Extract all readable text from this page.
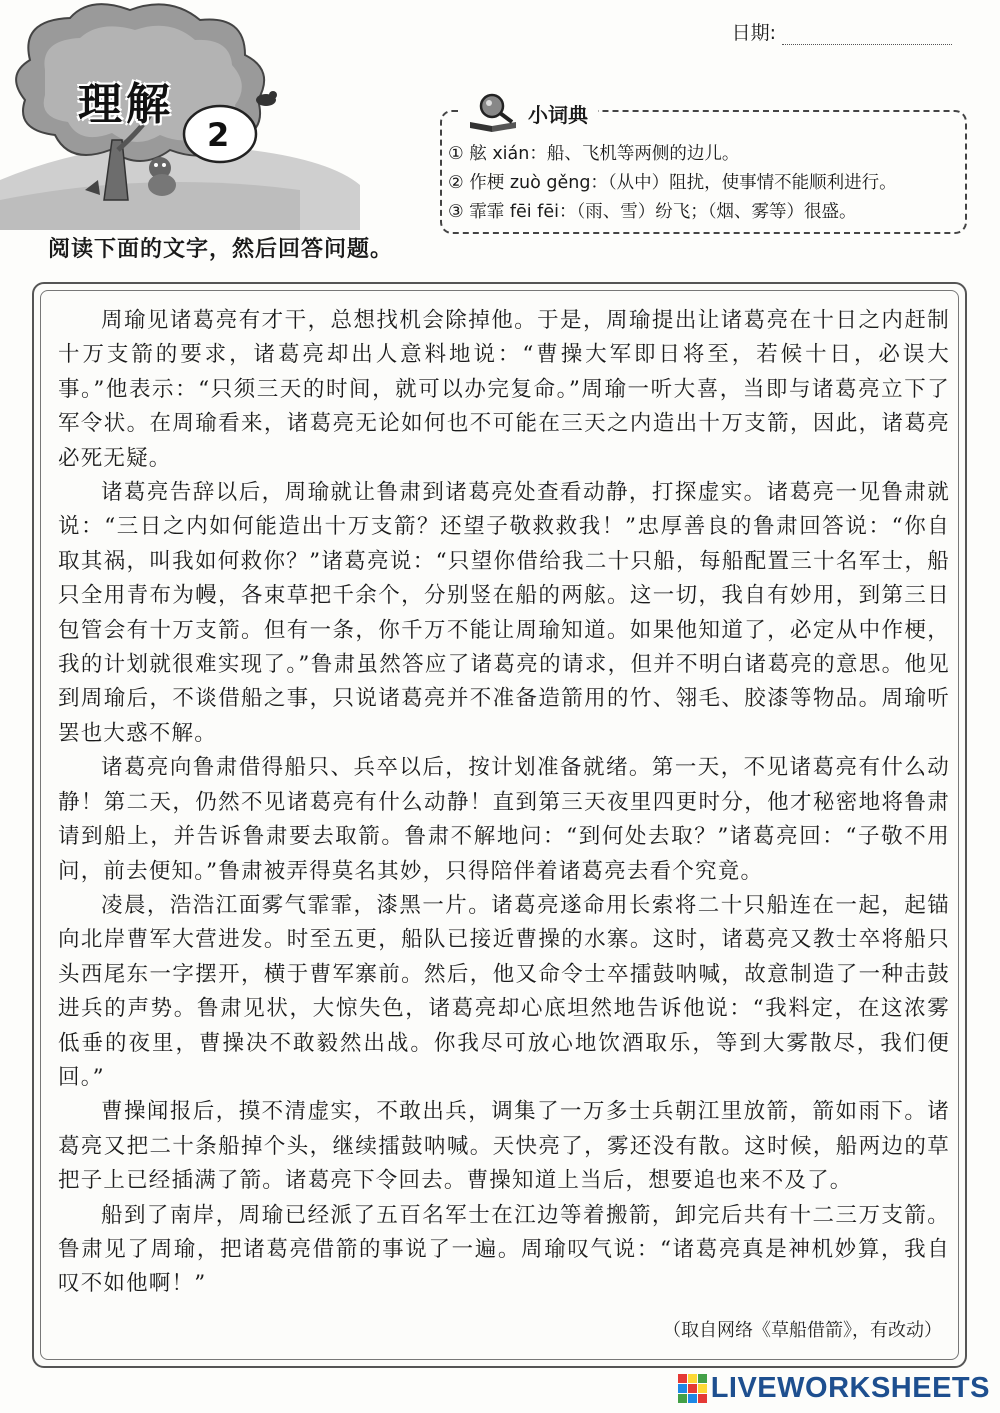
日期:
理解
2
小词典
① 舷 xián：船、飞机等两侧的边儿。
② 作梗 zuò gěng：（从中）阻扰，使事情不能顺利进行。
③ 霏霏 fēi fēi：（雨、雪）纷飞；（烟、雾等）很盛。
阅读下面的文字，然后回答问题。

周瑜见诸葛亮有才干，总想找机会除掉他。于是，周瑜提出让诸葛亮在十日之内赶制十万支箭的要求，诸葛亮却出人意料地说：“曹操大军即日将至，若候十日，必误大事。”他表示：“只须三天的时间，就可以办完复命。”周瑜一听大喜，当即与诸葛亮立下了军令状。在周瑜看来，诸葛亮无论如何也不可能在三天之内造出十万支箭，因此，诸葛亮必死无疑。

诸葛亮告辞以后，周瑜就让鲁肃到诸葛亮处查看动静，打探虚实。诸葛亮一见鲁肃就说：“三日之内如何能造出十万支箭？还望子敬救救我！”忠厚善良的鲁肃回答说：“你自取其祸，叫我如何救你？”诸葛亮说：“只望你借给我二十只船，每船配置三十名军士，船只全用青布为幔，各束草把千余个，分别竖在船的两舷。这一切，我自有妙用，到第三日包管会有十万支箭。但有一条，你千万不能让周瑜知道。如果他知道了，必定从中作梗，我的计划就很难实现了。”鲁肃虽然答应了诸葛亮的请求，但并不明白诸葛亮的意思。他见到周瑜后，不谈借船之事，只说诸葛亮并不准备造箭用的竹、翎毛、胶漆等物品。周瑜听罢也大惑不解。

诸葛亮向鲁肃借得船只、兵卒以后，按计划准备就绪。第一天，不见诸葛亮有什么动静！第二天，仍然不见诸葛亮有什么动静！直到第三天夜里四更时分，他才秘密地将鲁肃请到船上，并告诉鲁肃要去取箭。鲁肃不解地问：“到何处去取？”诸葛亮回：“子敬不用问，前去便知。”鲁肃被弄得莫名其妙，只得陪伴着诸葛亮去看个究竟。

凌晨，浩浩江面雾气霏霏，漆黑一片。诸葛亮遂命用长索将二十只船连在一起，起锚向北岸曹军大营进发。时至五更，船队已接近曹操的水寨。这时，诸葛亮又教士卒将船只头西尾东一字摆开，横于曹军寨前。然后，他又命令士卒擂鼓呐喊，故意制造了一种击鼓进兵的声势。鲁肃见状，大惊失色，诸葛亮却心底坦然地告诉他说：“我料定，在这浓雾低垂的夜里，曹操决不敢毅然出战。你我尽可放心地饮酒取乐，等到大雾散尽，我们便回。”

曹操闻报后，摸不清虚实，不敢出兵，调集了一万多士兵朝江里放箭，箭如雨下。诸葛亮又把二十条船掉个头，继续擂鼓呐喊。天快亮了，雾还没有散。这时候，船两边的草把子上已经插满了箭。诸葛亮下令回去。曹操知道上当后，想要追也来不及了。

船到了南岸，周瑜已经派了五百名军士在江边等着搬箭，卸完后共有十二三万支箭。鲁肃见了周瑜，把诸葛亮借箭的事说了一遍。周瑜叹气说：“诸葛亮真是神机妙算，我自叹不如他啊！”

（取自网络《草船借箭》，有改动）
LIVEWORKSHEETS
